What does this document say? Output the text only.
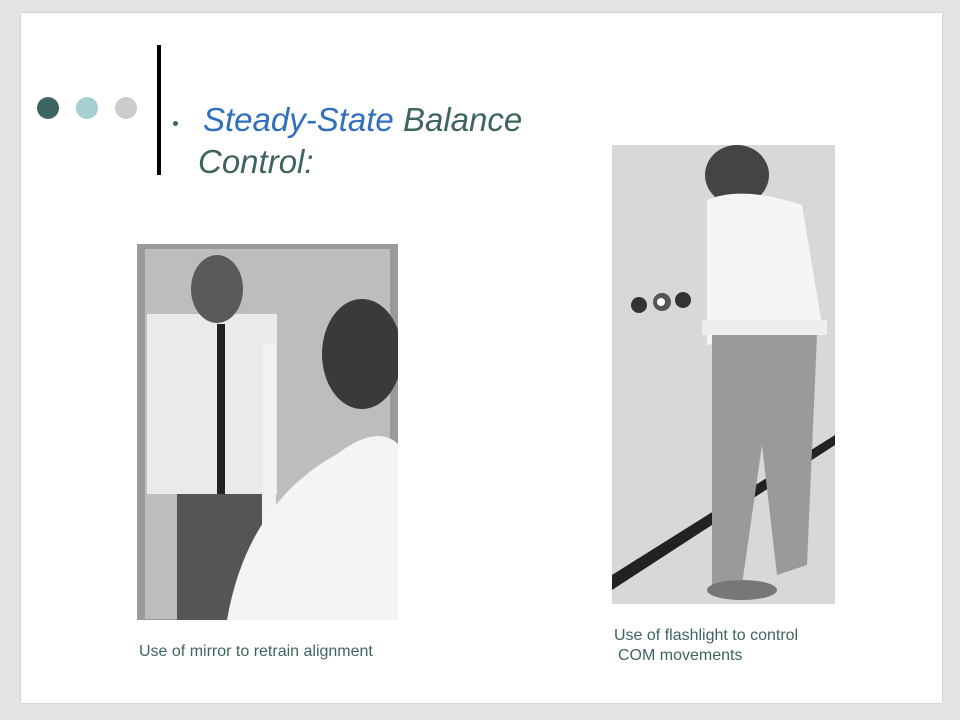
Steady-State Balance
Control:
Use of mirror to retrain alignment
Use of flashlight to control
COM movements
